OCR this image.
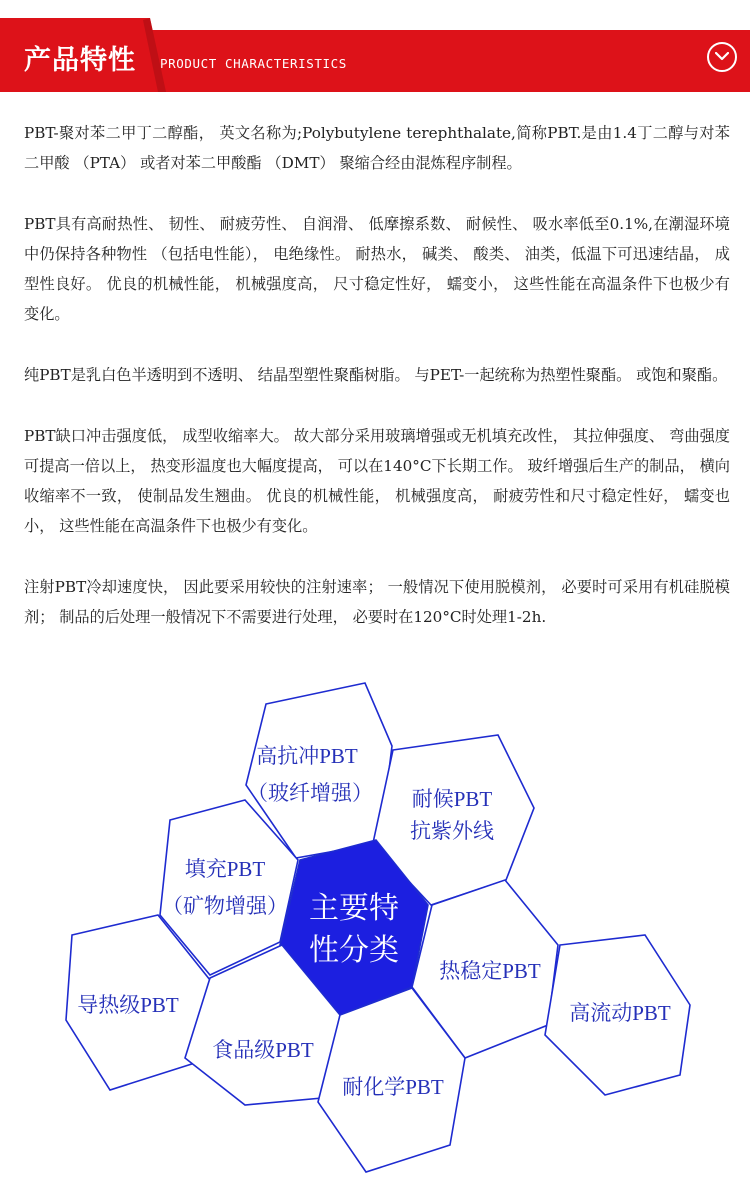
产品特性 PRODUCT CHARACTERISTICS

PBT-聚对苯二甲丁二醇酯， 英文名称为;Polybutylene terephthalate,简称PBT.是由1.4丁二醇与对苯二甲酸 （PTA） 或者对苯二甲酸酯 （DMT） 聚缩合经由混炼程序制程。

PBT具有高耐热性、 韧性、 耐疲劳性、 自润滑、 低摩擦系数、 耐候性、 吸水率低至0.1%,在潮湿环境中仍保持各种物性 （包括电性能）， 电绝缘性。 耐热水， 碱类、 酸类、 油类，低温下可迅速结晶， 成型性良好。 优良的机械性能， 机械强度高， 尺寸稳定性好， 蠕变小， 这些性能在高温条件下也极少有变化。

纯PBT是乳白色半透明到不透明、 结晶型塑性聚酯树脂。 与PET-一起统称为热塑性聚酯。 或饱和聚酯。

PBT缺口冲击强度低， 成型收缩率大。 故大部分采用玻璃增强或无机填充改性， 其拉伸强度、 弯曲强度可提高一倍以上， 热变形温度也大幅度提高， 可以在140°C下长期工作。 玻纤增强后生产的制品， 横向收缩率不一致， 使制品发生翘曲。 优良的机械性能， 机械强度高， 耐疲劳性和尺寸稳定性好， 蠕变也小， 这些性能在高温条件下也极少有变化。

注射PBT冷却速度快， 因此要采用较快的注射速率； 一般情况下使用脱模剂， 必要时可采用有机硅脱模剂； 制品的后处理一般情况下不需要进行处理， 必要时在120°C时处理1-2h.

高抗冲PBT
（玻纤增强） 耐候PBT
抗紫外线
填充PBT
（矿物增强） 主要特
性分类
热稳定PBT
导热级PBT	高流动PBT
食品级PBT
耐化学PBT
